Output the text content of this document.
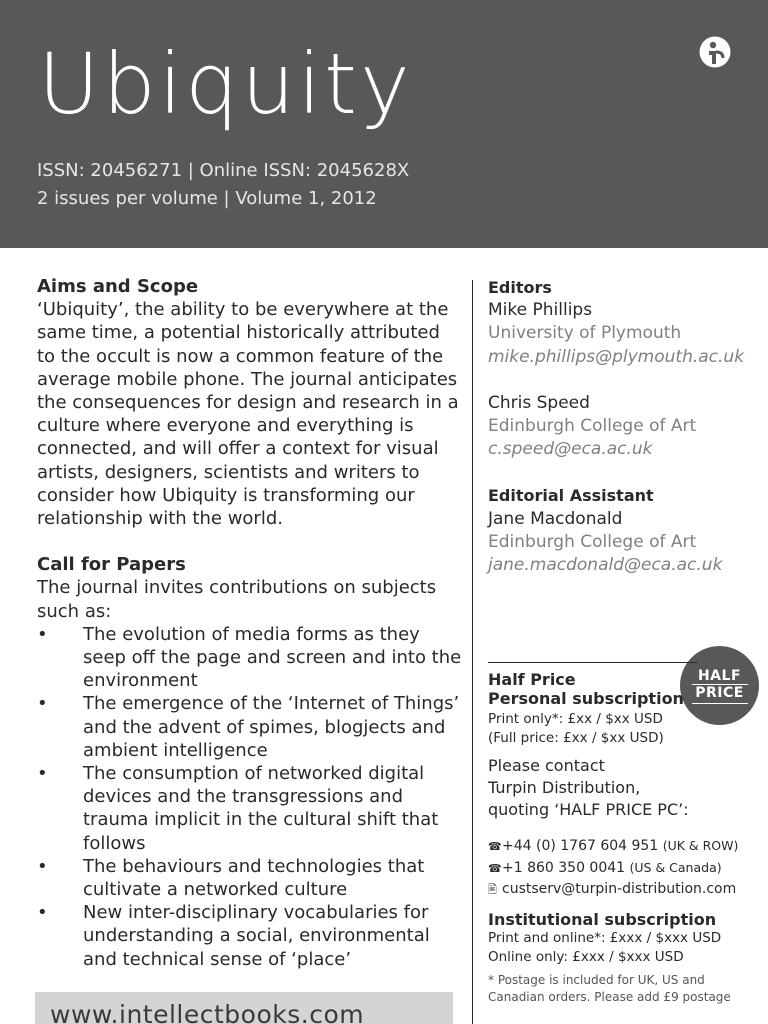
Ubiquity
ISSN: 20456271 | Online ISSN: 2045628X
2 issues per volume | Volume 1, 2012
Aims and Scope
‘Ubiquity’, the ability to be everywhere at the same time, a potential historically attributed to the occult is now a common feature of the average mobile phone. The journal anticipates the consequences for design and research in a culture where everyone and everything is connected, and will offer a context for visual artists, designers, scientists and writers to consider how Ubiquity is transforming our relationship with the world.
Call for Papers
The journal invites contributions on subjects such as:
• The evolution of media forms as they seep off the page and screen and into the environment
• The emergence of the ‘Internet of Things’ and the advent of spimes, blogjects and ambient intelligence
• The consumption of networked digital devices and the transgressions and trauma implicit in the cultural shift that follows
• The behaviours and technologies that cultivate a networked culture
• New inter-disciplinary vocabularies for understanding a social, environmental and technical sense of ‘place’
Editors
Mike Phillips
University of Plymouth
mike.phillips@plymouth.ac.uk
Chris Speed
Edinburgh College of Art
c.speed@eca.ac.uk
Editorial Assistant
Jane Macdonald
Edinburgh College of Art
jane.macdonald@eca.ac.uk
HALF
PRICE
Half Price
Personal subscription
Print only*: £xx / $xx USD
(Full price: £xx / $xx USD)
Please contact
Turpin Distribution,
quoting ‘HALF PRICE PC’:
☎+44 (0) 1767 604 951 (UK & ROW)
☎+1 860 350 0041 (US & Canada)
🖹 custserv@turpin-distribution.com
Institutional subscription
Print and online*: £xxx / $xxx USD
Online only: £xxx / $xxx USD
* Postage is included for UK, US and Canadian orders. Please add £9 postage
www.intellectbooks.com
